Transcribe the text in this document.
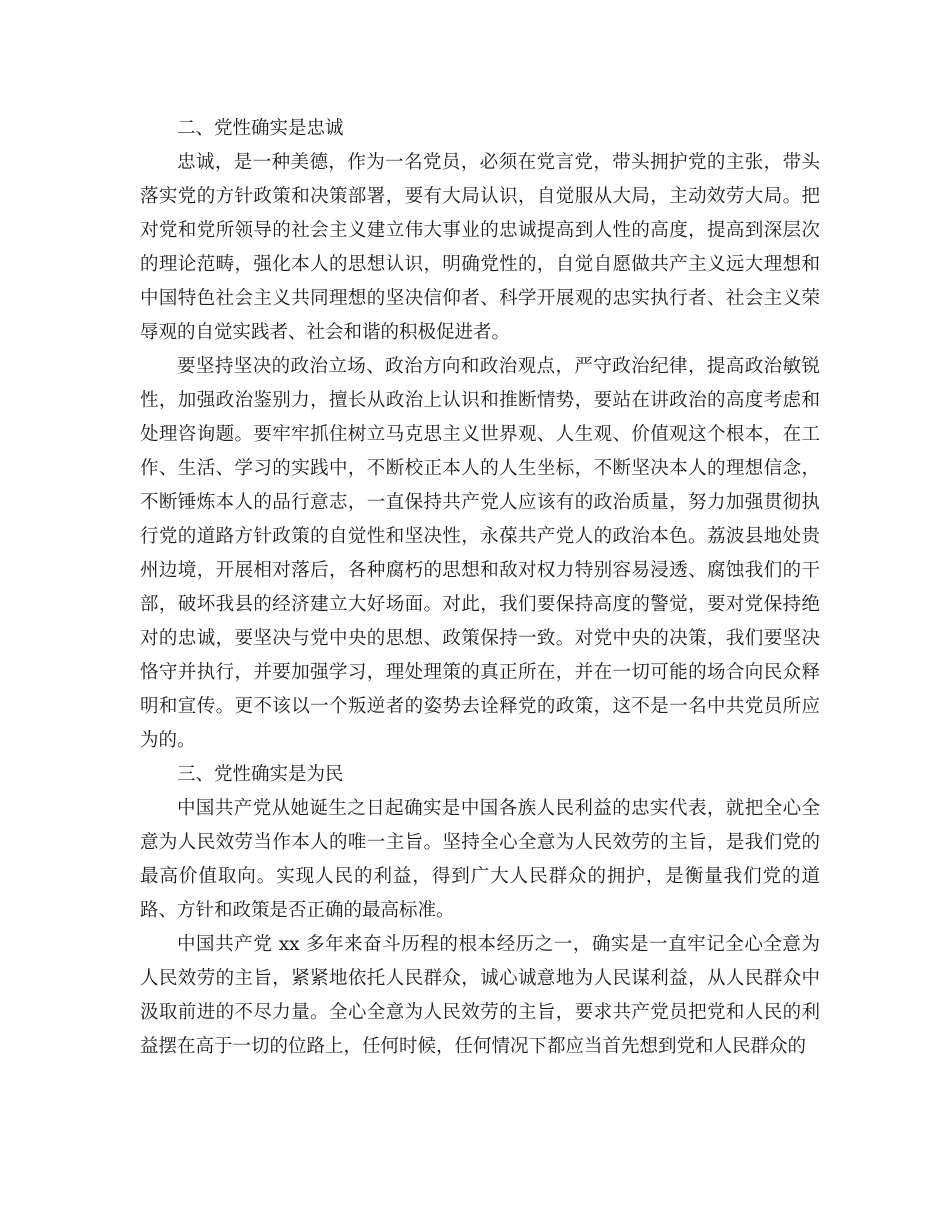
二、党性确实是忠诚

忠诚，是一种美德，作为一名党员，必须在党言党，带头拥护党的主张，带头落实党的方针政策和决策部署，要有大局认识，自觉服从大局，主动效劳大局。把对党和党所领导的社会主义建立伟大事业的忠诚提高到人性的高度，提高到深层次的理论范畴，强化本人的思想认识，明确党性的，自觉自愿做共产主义远大理想和中国特色社会主义共同理想的坚决信仰者、科学开展观的忠实执行者、社会主义荣辱观的自觉实践者、社会和谐的积极促进者。

要坚持坚决的政治立场、政治方向和政治观点，严守政治纪律，提高政治敏锐性，加强政治鉴别力，擅长从政治上认识和推断情势，要站在讲政治的高度考虑和处理咨询题。要牢牢抓住树立马克思主义世界观、人生观、价值观这个根本，在工作、生活、学习的实践中，不断校正本人的人生坐标，不断坚决本人的理想信念，不断锤炼本人的品行意志，一直保持共产党人应该有的政治质量，努力加强贯彻执行党的道路方针政策的自觉性和坚决性，永葆共产党人的政治本色。荔波县地处贵州边境，开展相对落后，各种腐朽的思想和敌对权力特别容易浸透、腐蚀我们的干部，破坏我县的经济建立大好场面。对此，我们要保持高度的警觉，要对党保持绝对的忠诚，要坚决与党中央的思想、政策保持一致。对党中央的决策，我们要坚决恪守并执行，并要加强学习，理处理策的真正所在，并在一切可能的场合向民众释明和宣传。更不该以一个叛逆者的姿势去诠释党的政策，这不是一名中共党员所应为的。

三、党性确实是为民

中国共产党从她诞生之日起确实是中国各族人民利益的忠实代表，就把全心全意为人民效劳当作本人的唯一主旨。坚持全心全意为人民效劳的主旨，是我们党的最高价值取向。实现人民的利益，得到广大人民群众的拥护，是衡量我们党的道路、方针和政策是否正确的最高标准。

中国共产党 xx 多年来奋斗历程的根本经历之一，确实是一直牢记全心全意为人民效劳的主旨，紧紧地依托人民群众，诚心诚意地为人民谋利益，从人民群众中汲取前进的不尽力量。全心全意为人民效劳的主旨，要求共产党员把党和人民的利益摆在高于一切的位路上，任何时候，任何情况下都应当首先想到党和人民群众的
